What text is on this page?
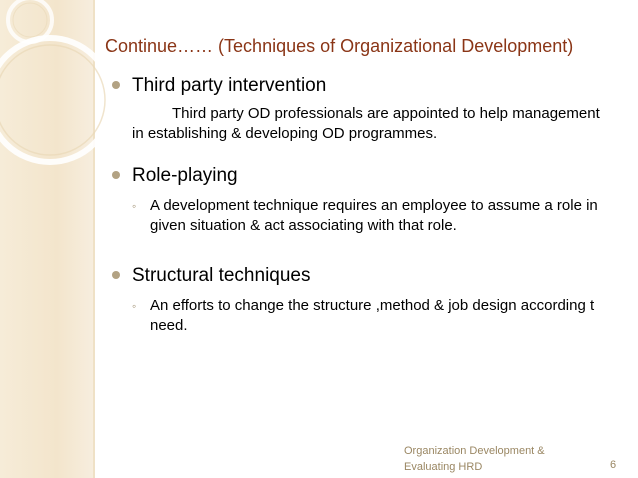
Continue…… (Techniques of Organizational Development)
Third party intervention
Third party OD professionals are appointed to help management in establishing & developing OD programmes.
Role-playing
◦ A development technique requires an employee to assume a role in given situation & act associating with that role.
Structural techniques
◦ An efforts to change the structure ,method & job design according t need.
Organization Development &
Evaluating HRD	6
